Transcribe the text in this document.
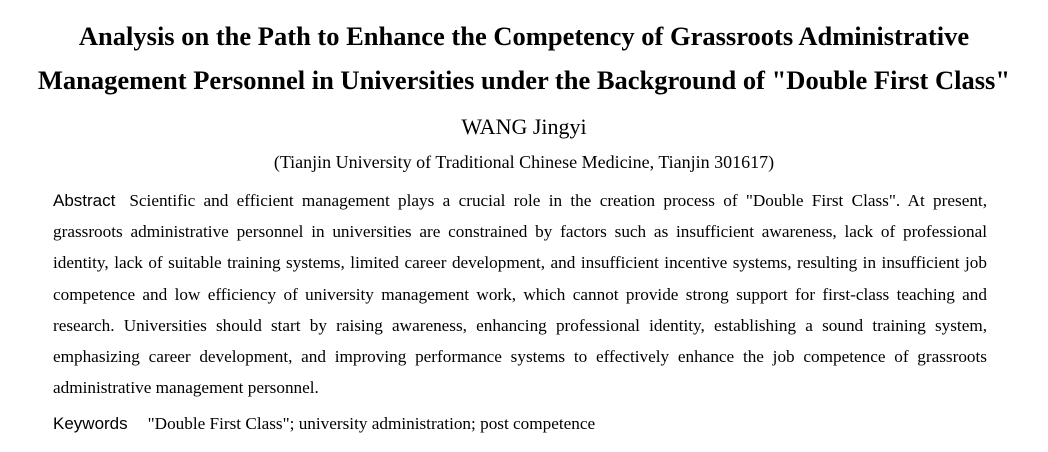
Analysis on the Path to Enhance the Competency of Grassroots Administrative
Management Personnel in Universities under the Background of "Double First Class"
WANG Jingyi
(Tianjin University of Traditional Chinese Medicine, Tianjin 301617)

Abstract Scientific and efficient management plays a crucial role in the creation process of "Double First Class". At present, grassroots administrative personnel in universities are constrained by factors such as insufficient awareness, lack of professional identity, lack of suitable training systems, limited career development, and insufficient incentive systems, resulting in insufficient job competence and low efficiency of university management work, which cannot provide strong support for first-class teaching and research. Universities should start by raising awareness, enhancing professional identity, establishing a sound training system, emphasizing career development, and improving performance systems to effectively enhance the job competence of grassroots administrative management personnel.

Keywords "Double First Class"; university administration; post competence
